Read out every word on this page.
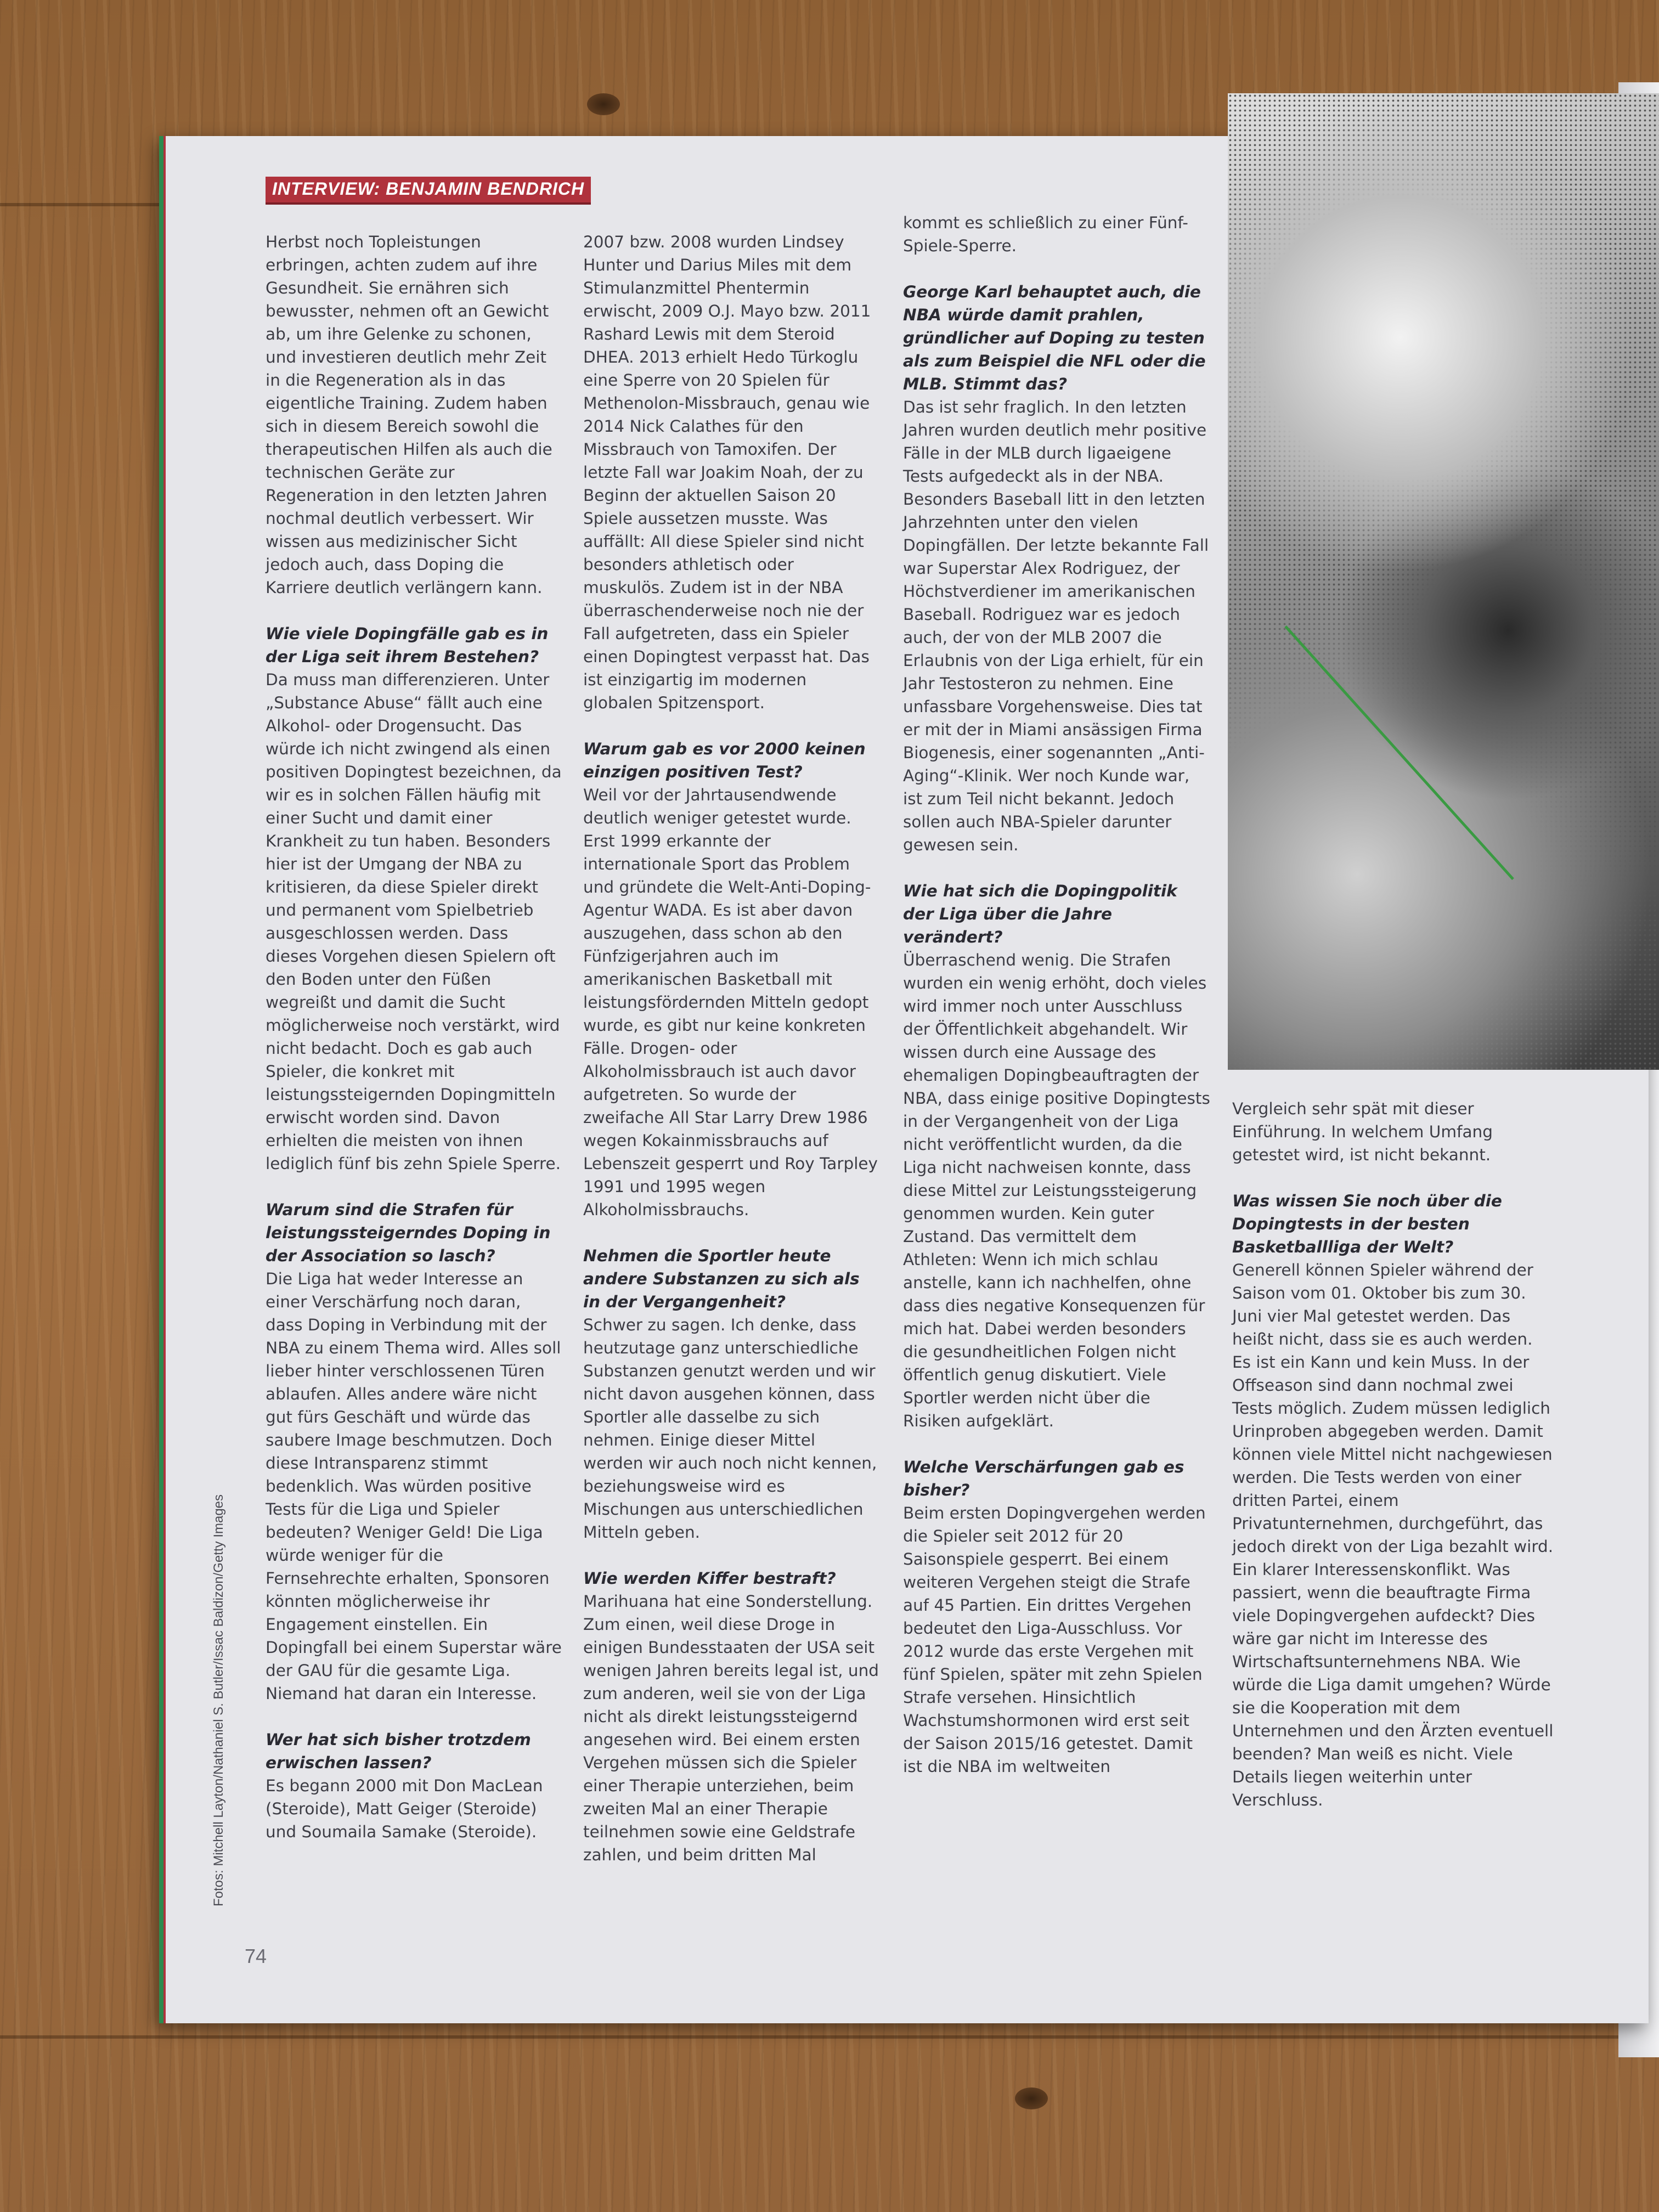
INTERVIEW: BENJAMIN BENDRICH

Herbst noch Topleistungen erbringen, achten zudem auf ihre Gesundheit. Sie ernähren sich bewusster, nehmen oft an Gewicht ab, um ihre Gelenke zu schonen, und investieren deutlich mehr Zeit in die Regeneration als in das eigentliche Training. Zudem haben sich in diesem Bereich sowohl die therapeutischen Hilfen als auch die technischen Geräte zur Regeneration in den letzten Jahren nochmal deutlich verbessert. Wir wissen aus medizinischer Sicht jedoch auch, dass Doping die Karriere deutlich verlängern kann.

Wie viele Dopingfälle gab es in der Liga seit ihrem Bestehen?

Da muss man differenzieren. Unter „Substance Abuse“ fällt auch eine Alkohol- oder Drogensucht. Das würde ich nicht zwingend als einen positiven Dopingtest bezeichnen, da wir es in solchen Fällen häufig mit einer Sucht und damit einer Krankheit zu tun haben. Besonders hier ist der Umgang der NBA zu kritisieren, da diese Spieler direkt und permanent vom Spielbetrieb ausgeschlossen werden. Dass dieses Vorgehen diesen Spielern oft den Boden unter den Füßen wegreißt und damit die Sucht möglicherweise noch verstärkt, wird nicht bedacht. Doch es gab auch Spieler, die konkret mit leistungssteigernden Dopingmitteln erwischt worden sind. Davon erhielten die meisten von ihnen lediglich fünf bis zehn Spiele Sperre.

Warum sind die Strafen für leistungssteigerndes Doping in der Association so lasch?

Die Liga hat weder Interesse an einer Verschärfung noch daran, dass Doping in Verbindung mit der NBA zu einem Thema wird. Alles soll lieber hinter verschlossenen Türen ablaufen. Alles andere wäre nicht gut fürs Geschäft und würde das saubere Image beschmutzen. Doch diese Intransparenz stimmt bedenklich. Was würden positive Tests für die Liga und Spieler bedeuten? Weniger Geld! Die Liga würde weniger für die Fernsehrechte erhalten, Sponsoren könnten möglicherweise ihr Engagement einstellen. Ein Dopingfall bei einem Superstar wäre der GAU für die gesamte Liga. Niemand hat daran ein Interesse.

Wer hat sich bisher trotzdem erwischen lassen?

Es begann 2000 mit Don MacLean (Steroide), Matt Geiger (Steroide) und Soumaila Samake (Steroide).

2007 bzw. 2008 wurden Lindsey Hunter und Darius Miles mit dem Stimulanzmittel Phentermin erwischt, 2009 O.J. Mayo bzw. 2011 Rashard Lewis mit dem Steroid DHEA. 2013 erhielt Hedo Türkoglu eine Sperre von 20 Spielen für Methenolon-Missbrauch, genau wie 2014 Nick Calathes für den Missbrauch von Tamoxifen. Der letzte Fall war Joakim Noah, der zu Beginn der aktuellen Saison 20 Spiele aussetzen musste. Was auffällt: All diese Spieler sind nicht besonders athletisch oder muskulös. Zudem ist in der NBA überraschenderweise noch nie der Fall aufgetreten, dass ein Spieler einen Dopingtest verpasst hat. Das ist einzigartig im modernen globalen Spitzensport.

Warum gab es vor 2000 keinen einzigen positiven Test?

Weil vor der Jahrtausendwende deutlich weniger getestet wurde. Erst 1999 erkannte der internationale Sport das Problem und gründete die Welt-Anti-Doping-Agentur WADA. Es ist aber davon auszugehen, dass schon ab den Fünfzigerjahren auch im amerikanischen Basketball mit leistungsfördernden Mitteln gedopt wurde, es gibt nur keine konkreten Fälle. Drogen- oder Alkoholmissbrauch ist auch davor aufgetreten. So wurde der zweifache All Star Larry Drew 1986 wegen Kokainmissbrauchs auf Lebenszeit gesperrt und Roy Tarpley 1991 und 1995 wegen Alkoholmissbrauchs.

Nehmen die Sportler heute andere Substanzen zu sich als in der Vergangenheit?

Schwer zu sagen. Ich denke, dass heutzutage ganz unterschiedliche Substanzen genutzt werden und wir nicht davon ausgehen können, dass Sportler alle dasselbe zu sich nehmen. Einige dieser Mittel werden wir auch noch nicht kennen, beziehungsweise wird es Mischungen aus unterschiedlichen Mitteln geben.

Wie werden Kiffer bestraft?

Marihuana hat eine Sonderstellung. Zum einen, weil diese Droge in einigen Bundesstaaten der USA seit wenigen Jahren bereits legal ist, und zum anderen, weil sie von der Liga nicht als direkt leistungssteigernd angesehen wird. Bei einem ersten Vergehen müssen sich die Spieler einer Therapie unterziehen, beim zweiten Mal an einer Therapie teilnehmen sowie eine Geldstrafe zahlen, und beim dritten Mal

kommt es schließlich zu einer Fünf-Spiele-Sperre.

George Karl behauptet auch, die NBA würde damit prahlen, gründlicher auf Doping zu testen als zum Beispiel die NFL oder die MLB. Stimmt das?

Das ist sehr fraglich. In den letzten Jahren wurden deutlich mehr positive Fälle in der MLB durch ligaeigene Tests aufgedeckt als in der NBA. Besonders Baseball litt in den letzten Jahrzehnten unter den vielen Dopingfällen. Der letzte bekannte Fall war Superstar Alex Rodriguez, der Höchstverdiener im amerikanischen Baseball. Rodriguez war es jedoch auch, der von der MLB 2007 die Erlaubnis von der Liga erhielt, für ein Jahr Testosteron zu nehmen. Eine unfassbare Vorgehensweise. Dies tat er mit der in Miami ansässigen Firma Biogenesis, einer sogenannten „Anti-Aging“-Klinik. Wer noch Kunde war, ist zum Teil nicht bekannt. Jedoch sollen auch NBA-Spieler darunter gewesen sein.

Wie hat sich die Dopingpolitik der Liga über die Jahre verändert?

Überraschend wenig. Die Strafen wurden ein wenig erhöht, doch vieles wird immer noch unter Ausschluss der Öffentlichkeit abgehandelt. Wir wissen durch eine Aussage des ehemaligen Dopingbeauftragten der NBA, dass einige positive Dopingtests in der Vergangenheit von der Liga nicht veröffentlicht wurden, da die Liga nicht nachweisen konnte, dass diese Mittel zur Leistungssteigerung genommen wurden. Kein guter Zustand. Das vermittelt dem Athleten: Wenn ich mich schlau anstelle, kann ich nachhelfen, ohne dass dies negative Konsequenzen für mich hat. Dabei werden besonders die gesundheitlichen Folgen nicht öffentlich genug diskutiert. Viele Sportler werden nicht über die Risiken aufgeklärt.

Welche Verschärfungen gab es bisher?

Beim ersten Dopingvergehen werden die Spieler seit 2012 für 20 Saisonspiele gesperrt. Bei einem weiteren Vergehen steigt die Strafe auf 45 Partien. Ein drittes Vergehen bedeutet den Liga-Ausschluss. Vor 2012 wurde das erste Vergehen mit fünf Spielen, später mit zehn Spielen Strafe versehen. Hinsichtlich Wachstumshormonen wird erst seit der Saison 2015/16 getestet. Damit ist die NBA im weltweiten

Vergleich sehr spät mit dieser Einführung. In welchem Umfang getestet wird, ist nicht bekannt.

Was wissen Sie noch über die Dopingtests in der besten Basketballliga der Welt?

Generell können Spieler während der Saison vom 01. Oktober bis zum 30. Juni vier Mal getestet werden. Das heißt nicht, dass sie es auch werden. Es ist ein Kann und kein Muss. In der Offseason sind dann nochmal zwei Tests möglich. Zudem müssen lediglich Urinproben abgegeben werden. Damit können viele Mittel nicht nachgewiesen werden. Die Tests werden von einer dritten Partei, einem Privatunternehmen, durchgeführt, das jedoch direkt von der Liga bezahlt wird. Ein klarer Interessenskonflikt. Was passiert, wenn die beauftragte Firma viele Dopingvergehen aufdeckt? Dies wäre gar nicht im Interesse des Wirtschaftsunternehmens NBA. Wie würde die Liga damit umgehen? Würde sie die Kooperation mit dem Unternehmen und den Ärzten eventuell beenden? Man weiß es nicht. Viele Details liegen weiterhin unter Verschluss.

Fotos: Mitchell Layton/Nathaniel S. Butler/Issac Baldizon/Getty Images
74
